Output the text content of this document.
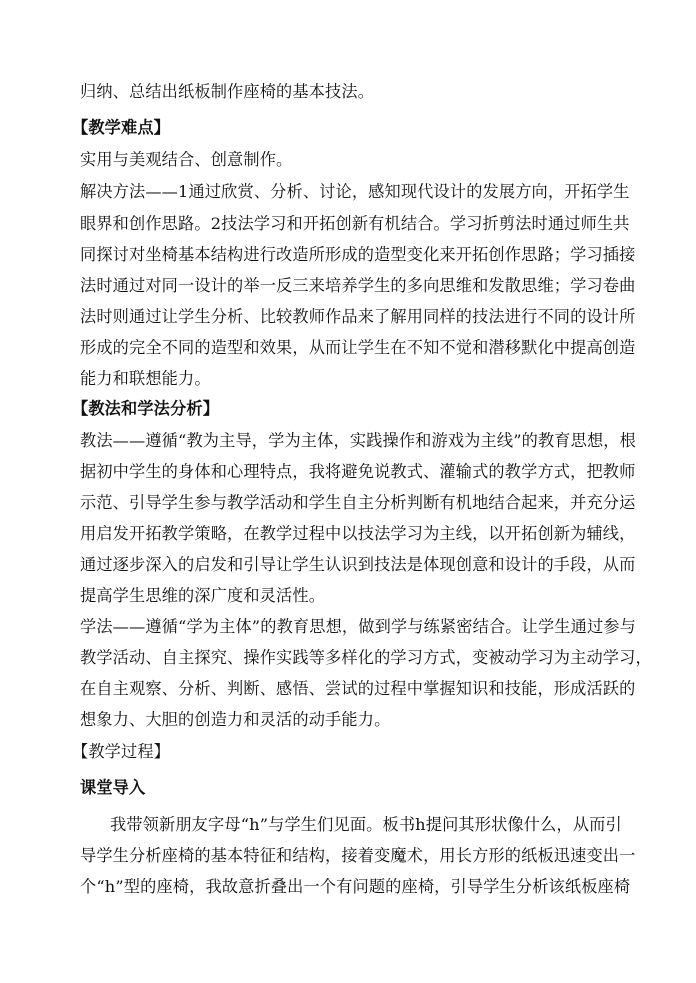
归纳、总结出纸板制作座椅的基本技法。
【教学难点】
实用与美观结合、创意制作。
解决方法——1通过欣赏、分析、讨论，感知现代设计的发展方向，开拓学生
眼界和创作思路。2技法学习和开拓创新有机结合。学习折剪法时通过师生共
同探讨对坐椅基本结构进行改造所形成的造型变化来开拓创作思路；学习插接
法时通过对同一设计的举一反三来培养学生的多向思维和发散思维；学习卷曲
法时则通过让学生分析、比较教师作品来了解用同样的技法进行不同的设计所
形成的完全不同的造型和效果，从而让学生在不知不觉和潜移默化中提高创造
能力和联想能力。
【教法和学法分析】
教法——遵循“教为主导，学为主体，实践操作和游戏为主线”的教育思想，根
据初中学生的身体和心理特点，我将避免说教式、灌输式的教学方式，把教师
示范、引导学生参与教学活动和学生自主分析判断有机地结合起来，并充分运
用启发开拓教学策略，在教学过程中以技法学习为主线，以开拓创新为辅线，
通过逐步深入的启发和引导让学生认识到技法是体现创意和设计的手段，从而
提高学生思维的深广度和灵活性。
学法——遵循“学为主体”的教育思想，做到学与练紧密结合。让学生通过参与
教学活动、自主探究、操作实践等多样化的学习方式，变被动学习为主动学习，
在自主观察、分析、判断、感悟、尝试的过程中掌握知识和技能，形成活跃的
想象力、大胆的创造力和灵活的动手能力。
【教学过程】
课堂导入
我带领新朋友字母“h”与学生们见面。板书h提问其形状像什么，从而引
导学生分析座椅的基本特征和结构，接着变魔术，用长方形的纸板迅速变出一
个“h”型的座椅，我故意折叠出一个有问题的座椅，引导学生分析该纸板座椅
